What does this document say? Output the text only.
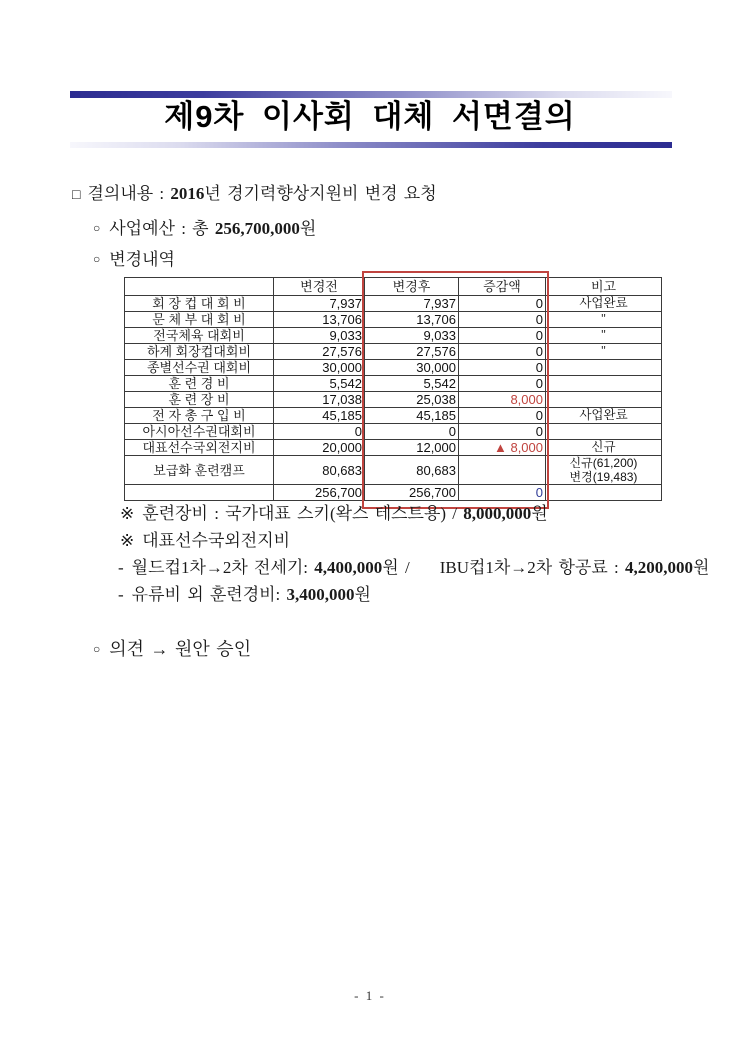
제9차 이사회 대체 서면결의
□ 결의내용 : 2016년 경기력향상지원비 변경 요청
○ 사업예산 : 총 256,700,000원
○ 변경내역
	변경전	변경후	증감액	비고
회 장 컵 대 회 비	7,937	7,937	0	사업완료
문 체 부 대 회 비	13,706	13,706	0	"
전국체육 대회비	9,033	9,033	0	"
하계 회장컵대회비	27,576	27,576	0	"
종별선수권 대회비	30,000	30,000	0	
훈 련 경 비	5,542	5,542	0	
훈 련 장 비	17,038	25,038	8,000	
전 자 총 구 입 비	45,185	45,185	0	사업완료
아시아선수권대회비	0	0	0	
대표선수국외전지비	20,000	12,000	▲ 8,000	신규
보급화 훈련캠프	80,683	80,683		신규(61,200)
변경(19,483)

	256,700	256,700	0	
※ 훈련장비 : 국가대표 스키(왁스 테스트용) / 8,000,000원
※ 대표선수국외전지비
- 월드컵1차→2차 전세기: 4,400,000원 / IBU컵1차→2차 항공료 : 4,200,000원
- 유류비 외 훈련경비: 3,400,000원
○ 의견 → 원안 승인
- 1 -
